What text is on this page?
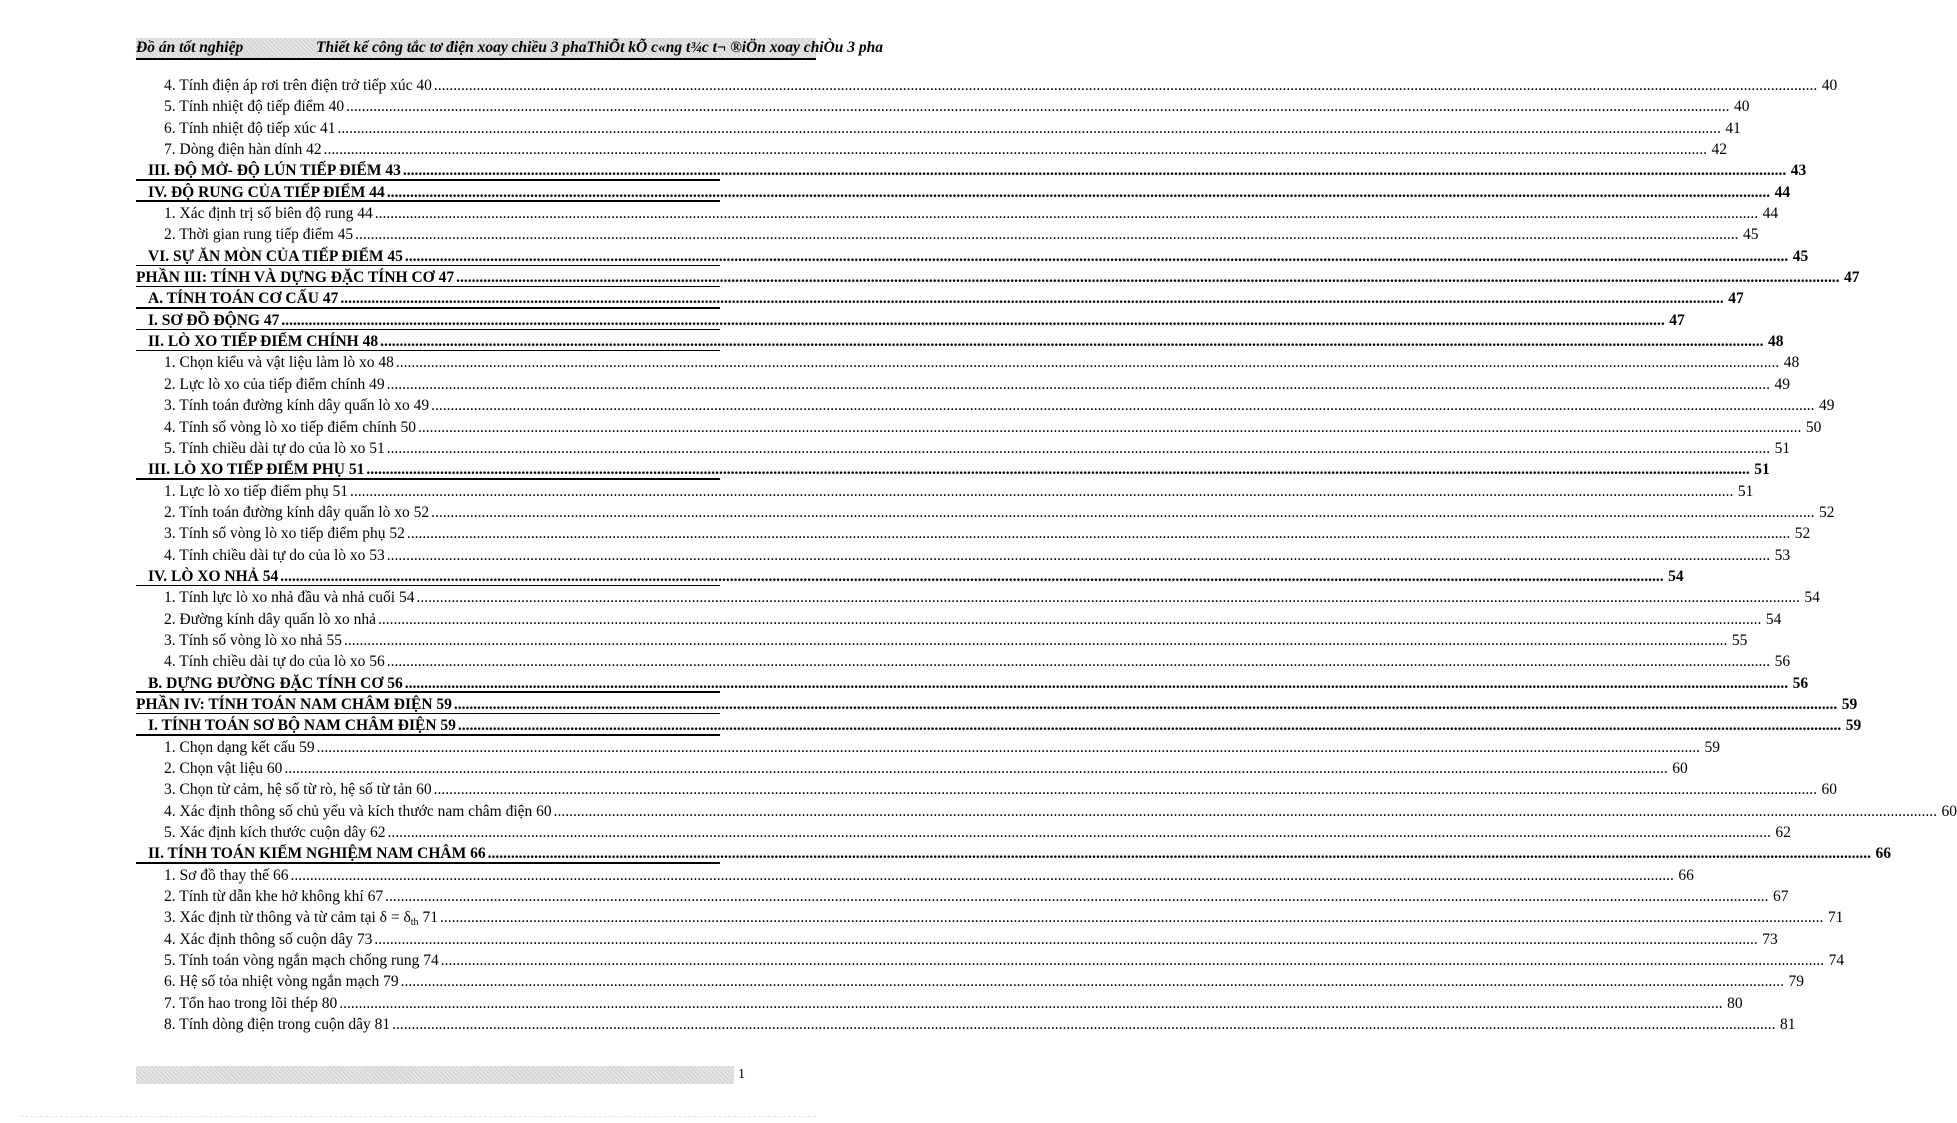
Đồ án tốt nghiệp	Thiết kế công tắc tơ điện xoay chiều 3 phaThiÕt kÕ c«ng t¾c t¬ ®iÖn xoay chiÒu 3 pha
4. Tính điện áp rơi trên điện trở tiếp xúc 40 .....	40
5. Tính nhiệt độ tiếp điểm 40 .....	40
6. Tính nhiệt độ tiếp xúc 41 .....	41
7. Dòng điện hàn dính 42 .....	42
III. ĐỘ MỞ- ĐỘ LÚN TIẾP ĐIỂM 43 .....	43
IV. ĐỘ RUNG CỦA TIẾP ĐIỂM 44 .....	44
1. Xác định trị số biên độ rung 44 .....	44
2. Thời gian rung tiếp điểm 45 .....	45
VI. SỰ ĂN MÒN CỦA TIẾP ĐIỂM 45 .....	45
PHẦN III: TÍNH VÀ DỰNG ĐẶC TÍNH CƠ 47 .....	47
A. TÍNH TOÁN CƠ CẤU 47 .....	47
I. SƠ ĐỒ ĐỘNG 47 .....	47
II. LÒ XO TIẾP ĐIỂM CHÍNH 48 .....	48
1. Chọn kiểu và vật liệu làm lò xo 48 .....	48
2. Lực lò xo của tiếp điểm chính 49 .....	49
3. Tính toán đường kính dây quấn lò xo 49 .....	49
4. Tính số vòng lò xo tiếp điểm chính 50 .....	50
5. Tính chiều dài tự do của lò xo 51 .....	51
III. LÒ XO TIẾP ĐIỂM PHỤ 51 .....	51
1. Lực lò xo tiếp điểm phụ 51 .....	51
2. Tính toán đường kính dây quấn lò xo 52 .....	52
3. Tính số vòng lò xo tiếp điểm phụ 52 .....	52
4. Tính chiều dài tự do của lò xo 53 .....	53
IV. LÒ XO NHẢ 54 .....	54
1. Tính lực lò xo nhả đầu và nhả cuối 54 .....	54
2. Đường kính dây quấn lò xo nhả .....	54
3. Tính số vòng lò xo nhả 55 .....	55
4. Tính chiều dài tự do của lò xo 56 .....	56
B. DỰNG ĐƯỜNG ĐẶC TÍNH CƠ 56 .....	56
PHẦN IV: TÍNH TOÁN NAM CHÂM ĐIỆN 59 .....	59
I. TÍNH TOÁN SƠ BỘ NAM CHÂM ĐIỆN 59 .....	59
1. Chọn dạng kết cấu 59 .....	59
2. Chọn vật liệu 60 .....	60
3. Chọn từ cảm, hệ số từ rò, hệ số từ tản 60 .....	60
4. Xác định thông số chủ yếu và kích thước nam châm điện 60 .....	60
5. Xác định kích thước cuộn dây 62 .....	62
II. TÍNH TOÁN KIỂM NGHIỆM NAM CHÂM 66 .....	66
1. Sơ đồ thay thế 66 .....	66
2. Tính từ dẫn khe hở không khí 67 .....	67
3. Xác định từ thông và từ cảm tại $\delta = \delta_{th}$ 71 .....	71
4. Xác định thông số cuộn dây 73 .....	73
5. Tính toán vòng ngắn mạch chống rung 74 .....	74
6. Hệ số tỏa nhiệt vòng ngắn mạch 79 .....	79
7. Tổn hao trong lõi thép 80 .....	80
8. Tính dòng điện trong cuộn dây 81 .....	81
1
